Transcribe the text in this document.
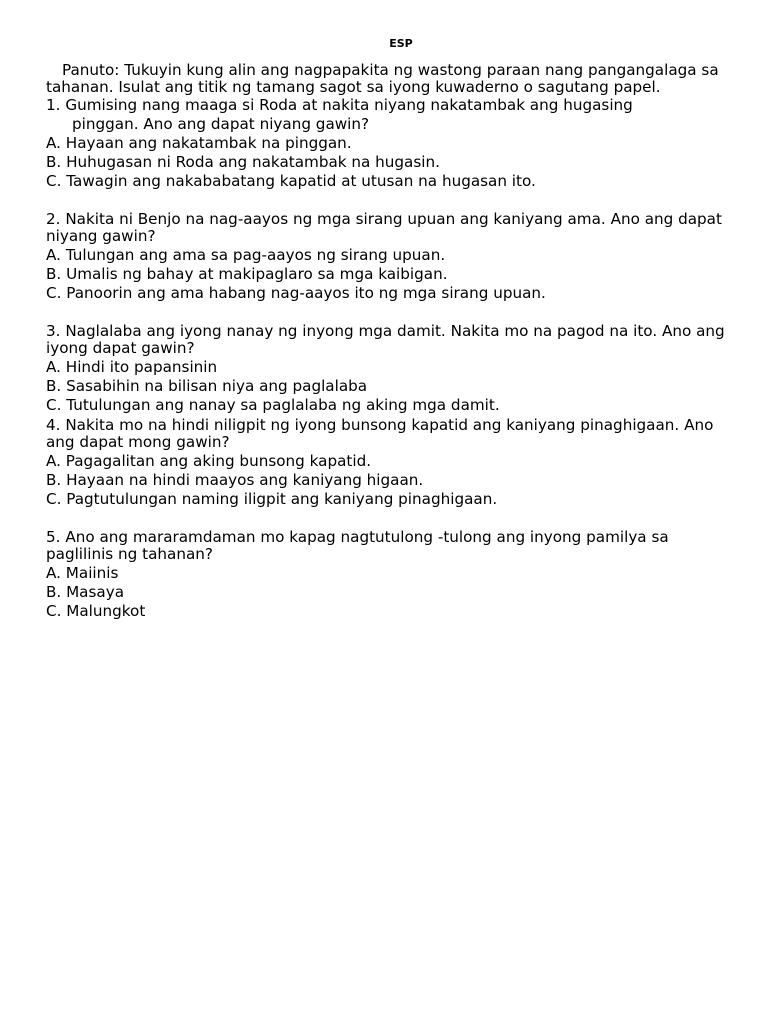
ESP

Panuto: Tukuyin kung alin ang nagpapakita ng wastong paraan nang pangangalaga sa tahanan. Isulat ang titik ng tamang sagot sa iyong kuwaderno o sagutang papel.

1. Gumising nang maaga si Roda at nakita niyang nakatambak ang hugasing

pinggan. Ano ang dapat niyang gawin?

A. Hayaan ang nakatambak na pinggan.

B. Huhugasan ni Roda ang nakatambak na hugasin.

C. Tawagin ang nakababatang kapatid at utusan na hugasan ito.

2. Nakita ni Benjo na nag-aayos ng mga sirang upuan ang kaniyang ama. Ano ang dapat niyang gawin?

A. Tulungan ang ama sa pag-aayos ng sirang upuan.

B. Umalis ng bahay at makipaglaro sa mga kaibigan.

C. Panoorin ang ama habang nag-aayos ito ng mga sirang upuan.

3. Naglalaba ang iyong nanay ng inyong mga damit. Nakita mo na pagod na ito. Ano ang iyong dapat gawin?

A. Hindi ito papansinin

B. Sasabihin na bilisan niya ang paglalaba

C. Tutulungan ang nanay sa paglalaba ng aking mga damit.

4. Nakita mo na hindi niligpit ng iyong bunsong kapatid ang kaniyang pinaghigaan. Ano ang dapat mong gawin?

A. Pagagalitan ang aking bunsong kapatid.

B. Hayaan na hindi maayos ang kaniyang higaan.

C. Pagtutulungan naming iligpit ang kaniyang pinaghigaan.

5. Ano ang mararamdaman mo kapag nagtutulong -tulong ang inyong pamilya sa paglilinis ng tahanan?

A. Maiinis

B. Masaya

C. Malungkot
